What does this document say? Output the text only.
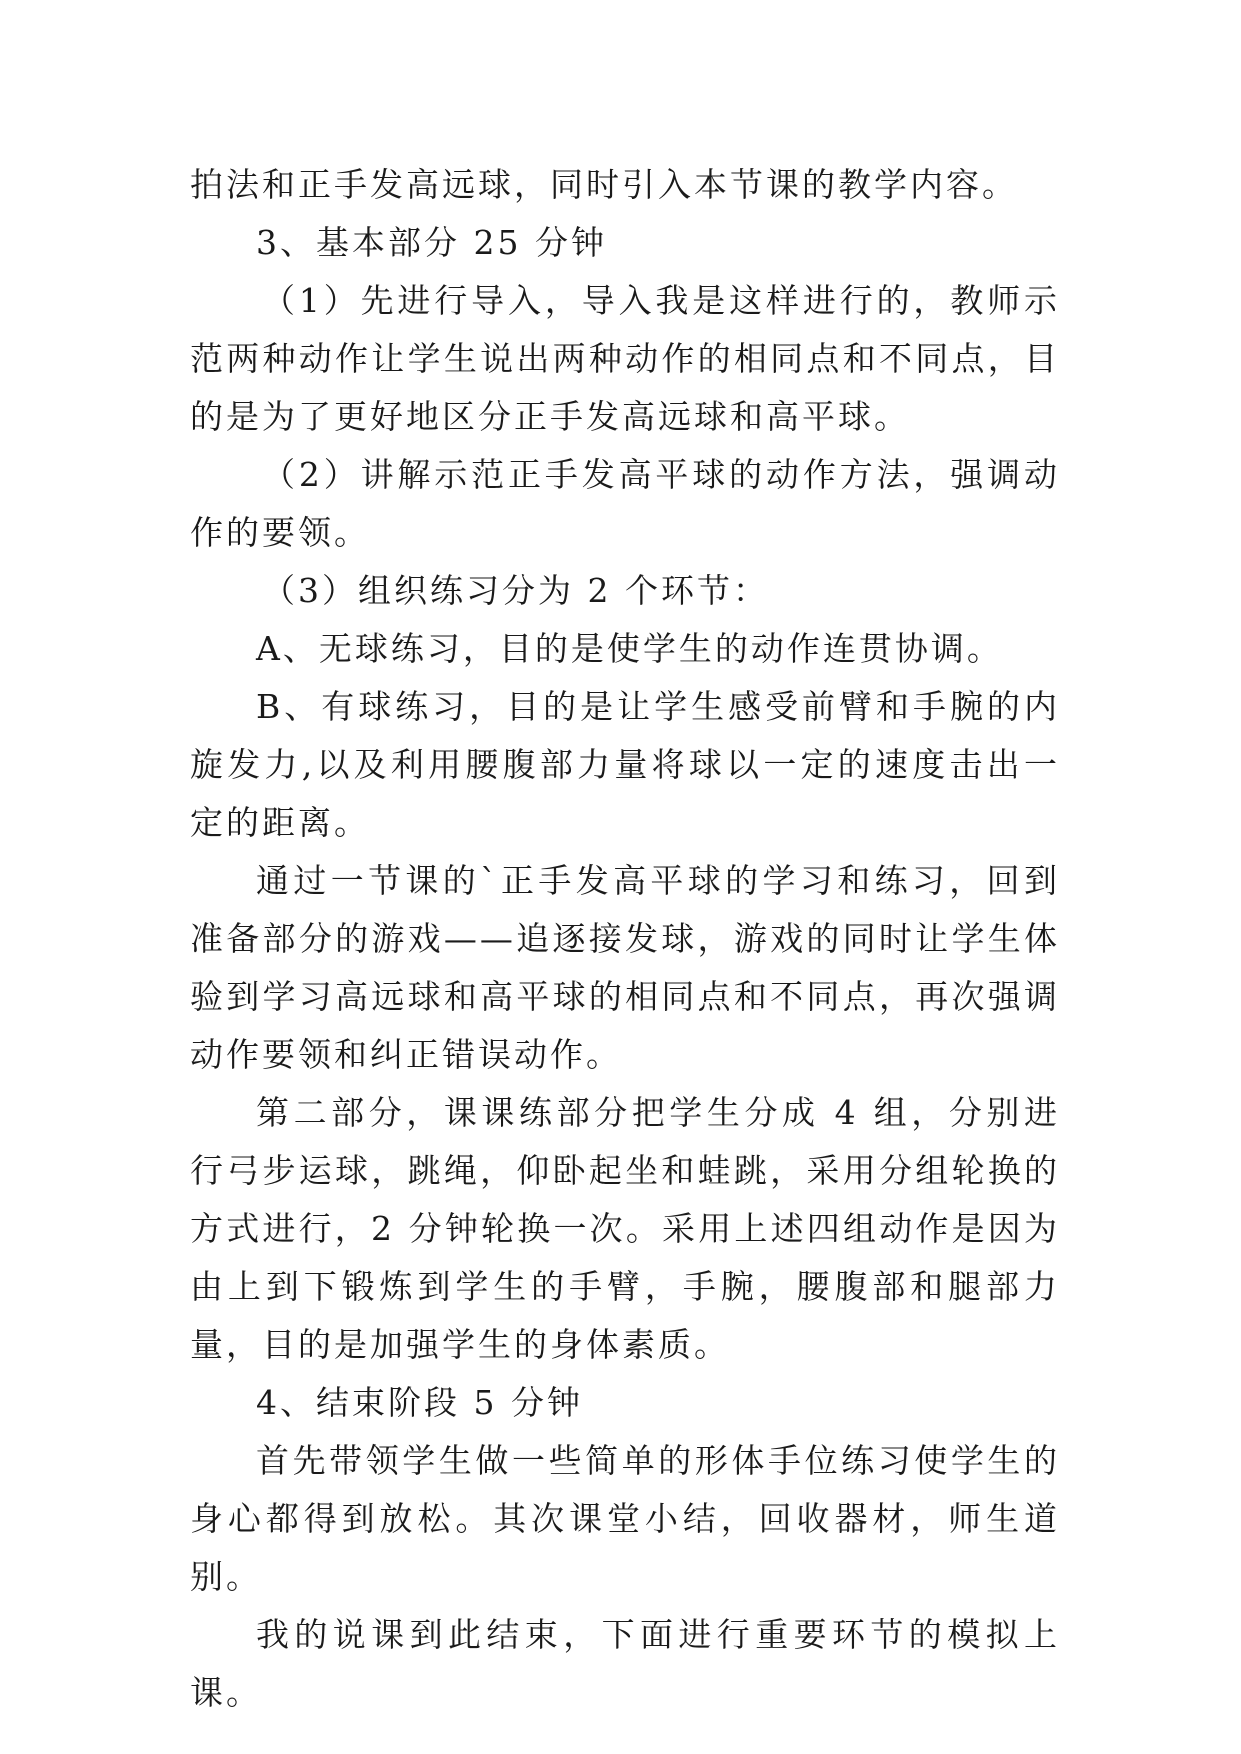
拍法和正手发高远球，同时引入本节课的教学内容。

3、基本部分 25 分钟

（1）先进行导入，导入我是这样进行的，教师示范两种动作让学生说出两种动作的相同点和不同点，目的是为了更好地区分正手发高远球和高平球。

（2）讲解示范正手发高平球的动作方法，强调动作的要领。

（3）组织练习分为 2 个环节：

A、无球练习，目的是使学生的动作连贯协调。

B、有球练习，目的是让学生感受前臂和手腕的内旋发力,以及利用腰腹部力量将球以一定的速度击出一定的距离。

通过一节课的`正手发高平球的学习和练习，回到准备部分的游戏——追逐接发球，游戏的同时让学生体验到学习高远球和高平球的相同点和不同点，再次强调动作要领和纠正错误动作。

第二部分，课课练部分把学生分成 4 组，分别进行弓步运球，跳绳，仰卧起坐和蛙跳，采用分组轮换的方式进行，2 分钟轮换一次。采用上述四组动作是因为由上到下锻炼到学生的手臂，手腕，腰腹部和腿部力量，目的是加强学生的身体素质。

4、结束阶段 5 分钟

首先带领学生做一些简单的形体手位练习使学生的身心都得到放松。其次课堂小结，回收器材，师生道别。

我的说课到此结束，下面进行重要环节的模拟上课。
